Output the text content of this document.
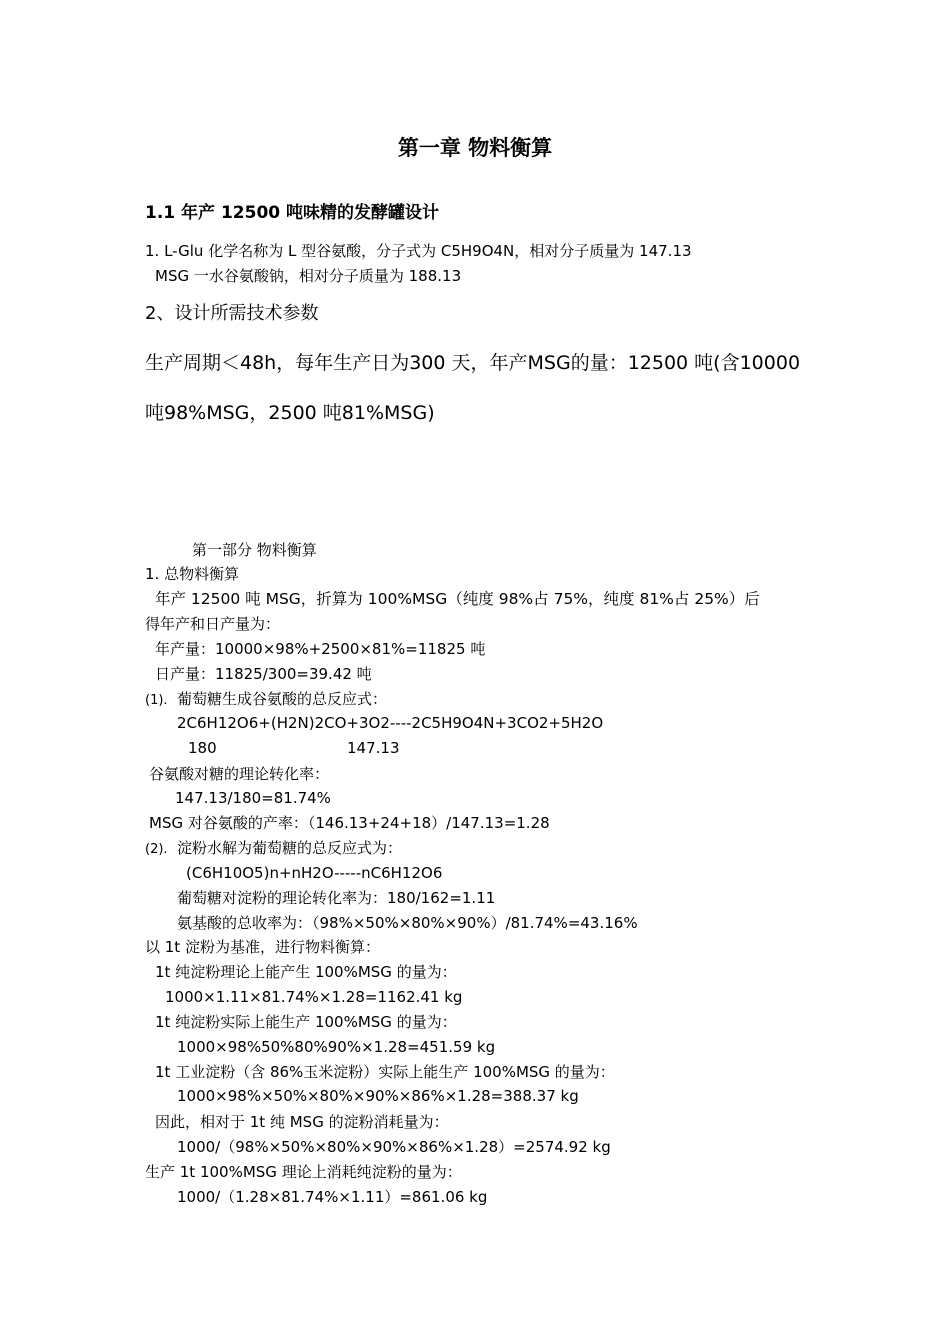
第一章 物料衡算
1.1 年产 12500 吨味精的发酵罐设计
1. L-Glu 化学名称为 L 型谷氨酸，分子式为 C5H9O4N，相对分子质量为 147.13
MSG 一水谷氨酸钠，相对分子质量为 188.13
2、设计所需技术参数
生产周期＜48h，每年生产日为300 天，年产MSG的量：12500 吨(含10000
吨98%MSG，2500 吨81%MSG)
第一部分 物料衡算
1. 总物料衡算
年产 12500 吨 MSG，折算为 100%MSG（纯度 98%占 75%，纯度 81%占 25%）后
得年产和日产量为：
年产量：10000×98%+2500×81%=11825 吨
日产量：11825/300=39.42 吨
(1). 葡萄糖生成谷氨酸的总反应式：
2C6H12O6+(H2N)2CO+3O2----2C5H9O4N+3CO2+5H2O
180	147.13
谷氨酸对糖的理论转化率：
147.13/180=81.74%
MSG 对谷氨酸的产率：（146.13+24+18）/147.13=1.28
(2). 淀粉水解为葡萄糖的总反应式为：
(C6H10O5)n+nH2O-----nC6H12O6
葡萄糖对淀粉的理论转化率为：180/162=1.11
氨基酸的总收率为：（98%×50%×80%×90%）/81.74%=43.16%
以 1t 淀粉为基准，进行物料衡算：
1t 纯淀粉理论上能产生 100%MSG 的量为：
1000×1.11×81.74%×1.28=1162.41 kg
1t 纯淀粉实际上能生产 100%MSG 的量为：
1000×98%50%80%90%×1.28=451.59 kg
1t 工业淀粉（含 86%玉米淀粉）实际上能生产 100%MSG 的量为：
1000×98%×50%×80%×90%×86%×1.28=388.37 kg
因此，相对于 1t 纯 MSG 的淀粉消耗量为：
1000/（98%×50%×80%×90%×86%×1.28）=2574.92 kg
生产 1t 100%MSG 理论上消耗纯淀粉的量为：
1000/（1.28×81.74%×1.11）=861.06 kg
